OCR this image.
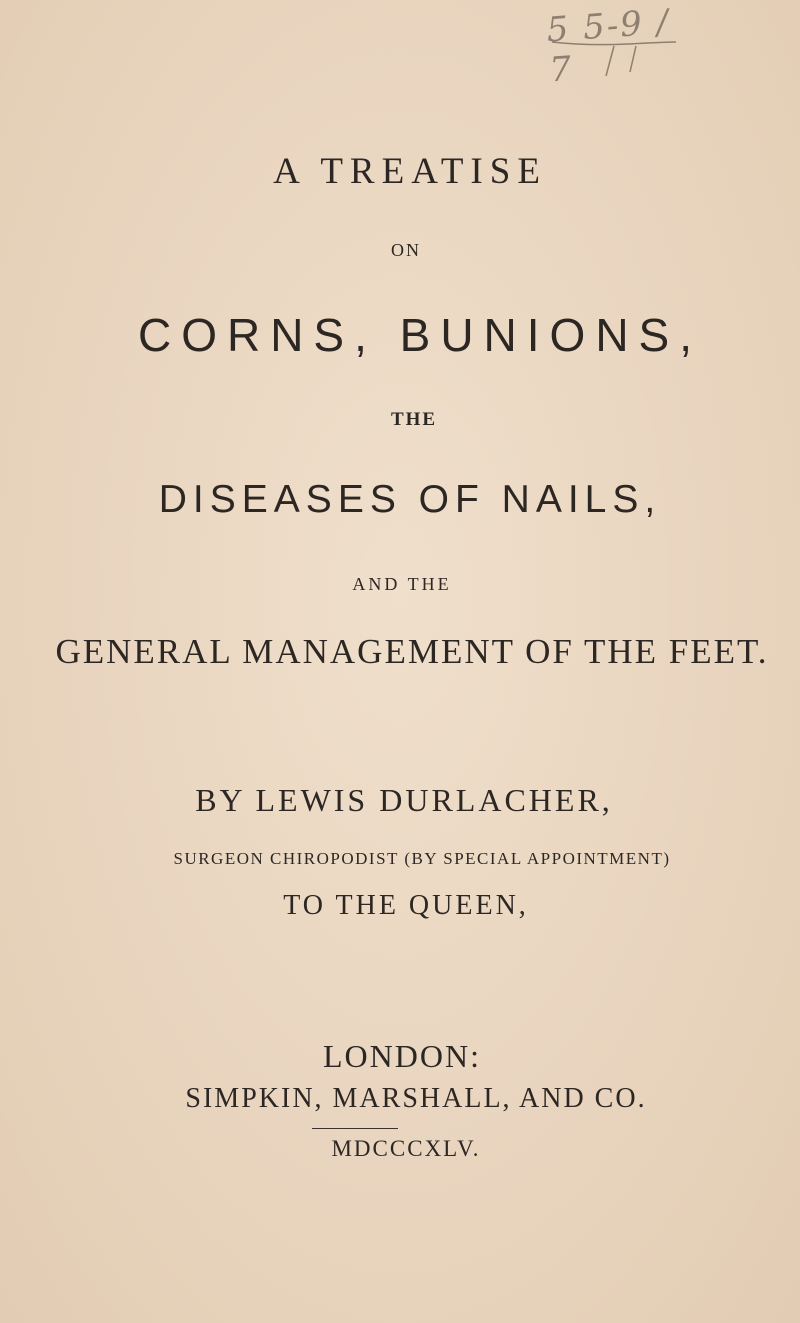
5 5-9 / 7
A TREATISE
ON
CORNS, BUNIONS,
THE
DISEASES OF NAILS,
AND THE
GENERAL MANAGEMENT OF THE FEET.
BY LEWIS DURLACHER,
SURGEON CHIROPODIST (BY SPECIAL APPOINTMENT)
TO THE QUEEN,
LONDON:
SIMPKIN, MARSHALL, AND CO.
MDCCCXLV.
